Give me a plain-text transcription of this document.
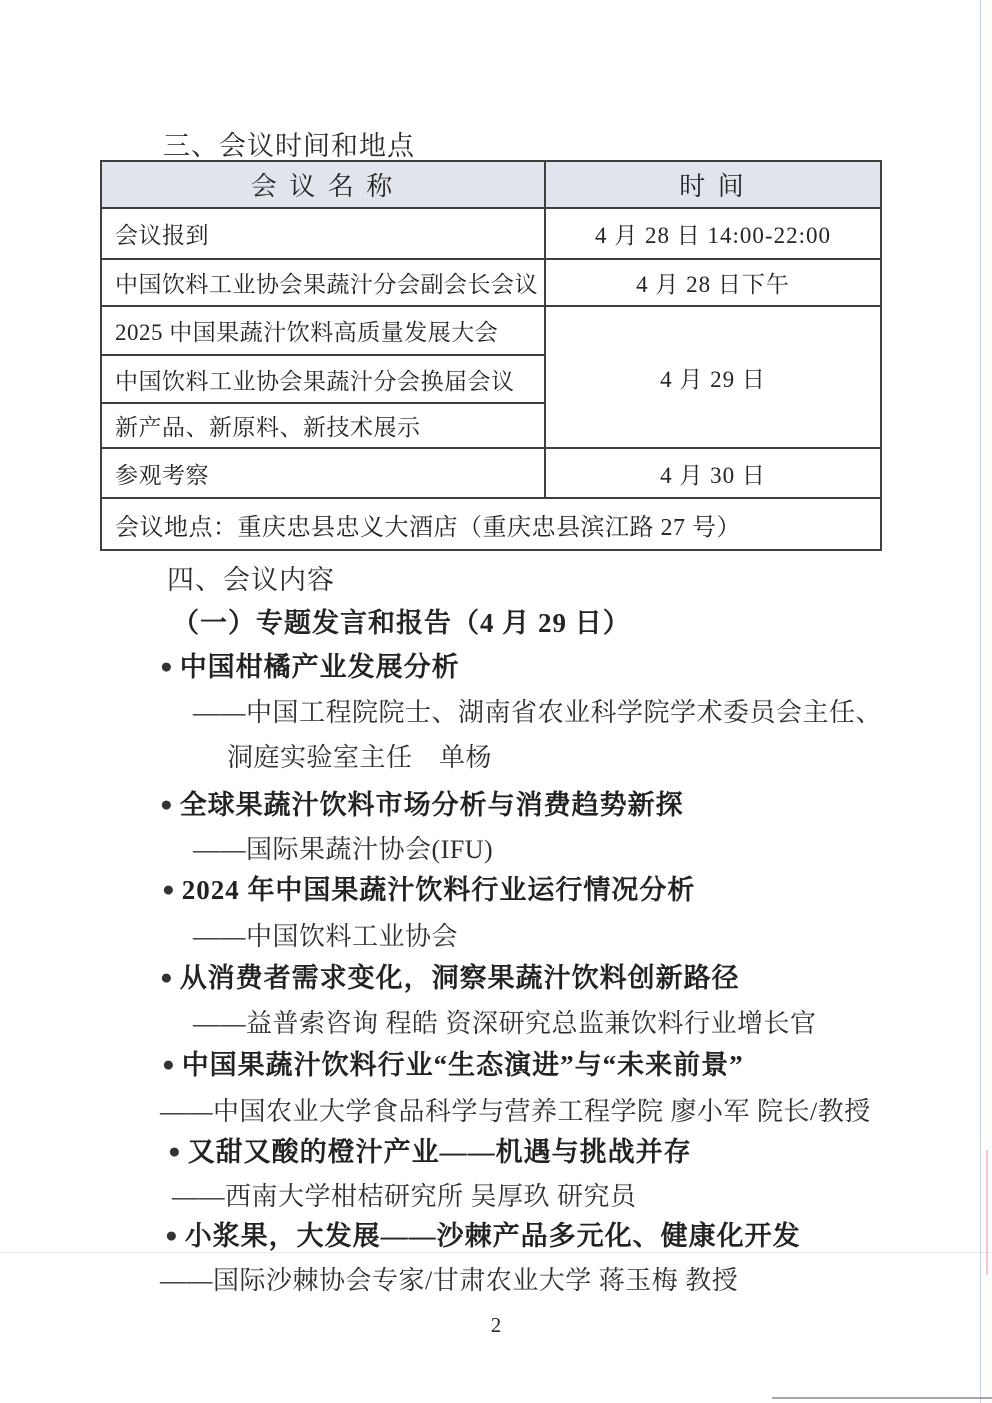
三、会议时间和地点
会 议 名 称	时 间
会议报到	4 月 28 日 14:00-22:00
中国饮料工业协会果蔬汁分会副会长会议	4 月 28 日下午
2025 中国果蔬汁饮料高质量发展大会	4 月 29 日
中国饮料工业协会果蔬汁分会换届会议	
新产品、新原料、新技术展示	
参观考察	4 月 30 日
会议地点：重庆忠县忠义大酒店（重庆忠县滨江路 27 号）	
四、会议内容
（一）专题发言和报告（4 月 29 日）
● 中国柑橘产业发展分析
——中国工程院院士、湖南省农业科学院学术委员会主任、
洞庭实验室主任　单杨
● 全球果蔬汁饮料市场分析与消费趋势新探
——国际果蔬汁协会(IFU)
● 2024 年中国果蔬汁饮料行业运行情况分析
——中国饮料工业协会
● 从消费者需求变化，洞察果蔬汁饮料创新路径
——益普索咨询 程皓 资深研究总监兼饮料行业增长官
● 中国果蔬汁饮料行业“生态演进”与“未来前景”
——中国农业大学食品科学与营养工程学院 廖小军 院长/教授
● 又甜又酸的橙汁产业——机遇与挑战并存
——西南大学柑桔研究所 吴厚玖 研究员
● 小浆果，大发展——沙棘产品多元化、健康化开发
——国际沙棘协会专家/甘肃农业大学 蒋玉梅 教授
2
